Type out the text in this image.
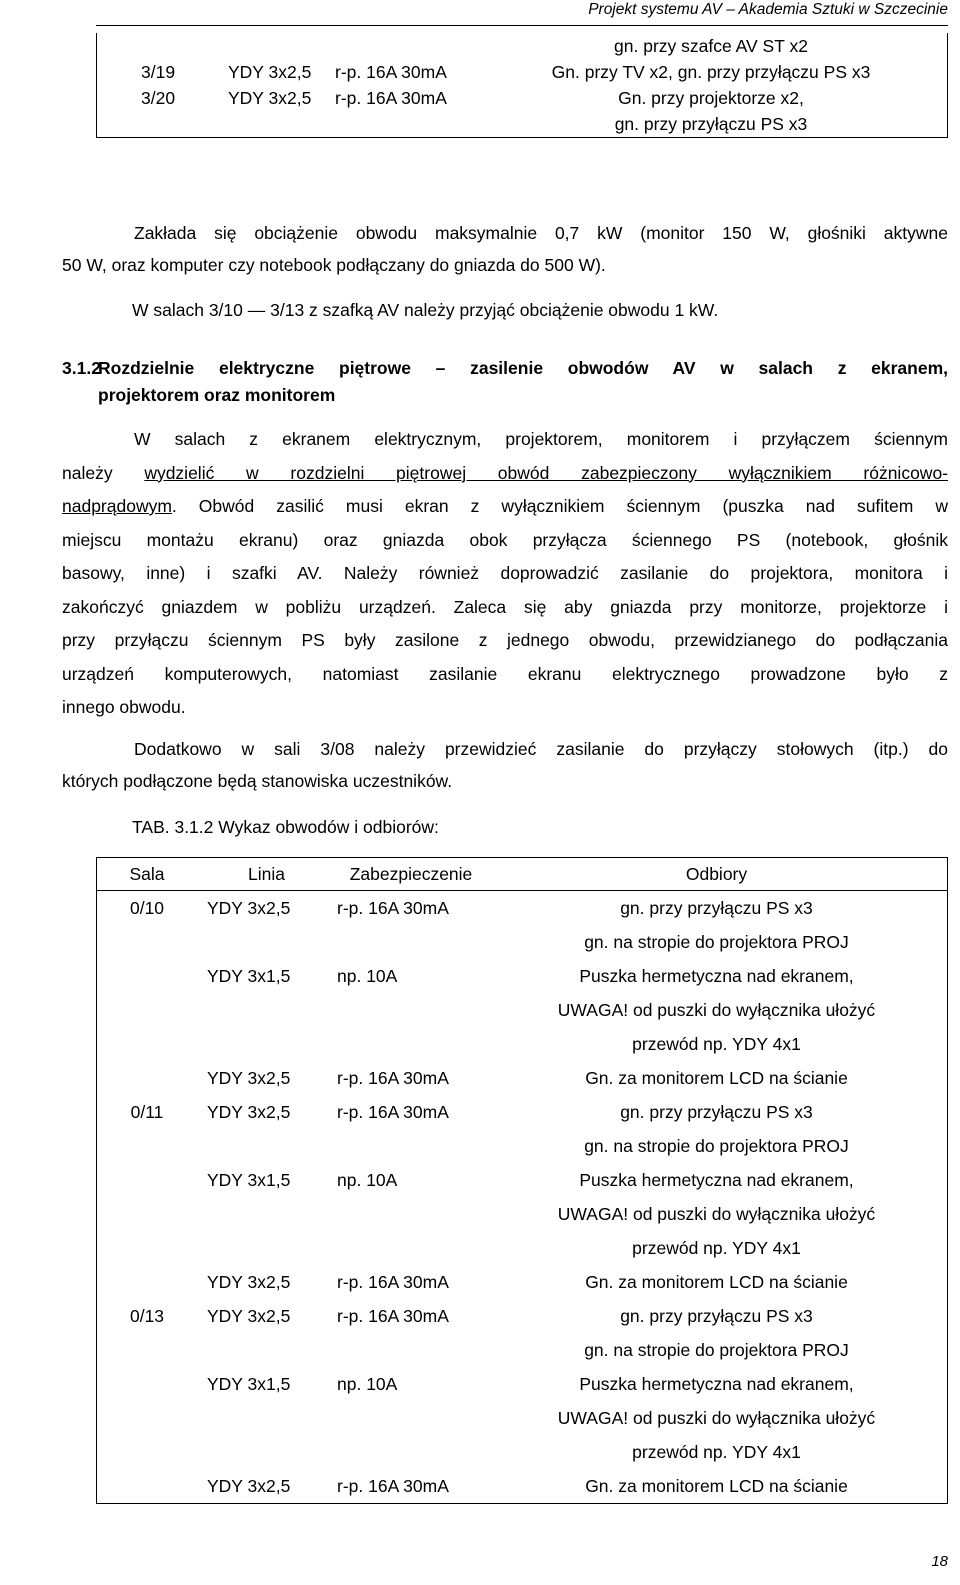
Projekt systemu AV – Akademia Sztuki w Szczecinie
			gn. przy szafce AV ST x2
3/19	YDY 3x2,5	r-p. 16A 30mA	Gn. przy TV x2, gn. przy przyłączu PS x3
3/20	YDY 3x2,5	r-p. 16A 30mA	Gn. przy projektorze x2,
			gn. przy przyłączu PS x3
Zakłada się obciążenie obwodu maksymalnie 0,7 kW (monitor 150 W, głośniki aktywne
50 W, oraz komputer czy notebook podłączany do gniazda do 500 W).
W salach 3/10 — 3/13 z szafką AV należy przyjąć obciążenie obwodu 1 kW.
3.1.2
Rozdzielnie elektryczne piętrowe – zasilenie obwodów AV w salach z ekranem,
projektorem oraz monitorem
W salach z ekranem elektrycznym, projektorem, monitorem i przyłączem ściennym
należy wydzielić w rozdzielni piętrowej obwód zabezpieczony wyłącznikiem różnicowo-
nadprądowym. Obwód zasilić musi ekran z wyłącznikiem ściennym (puszka nad sufitem w
miejscu montażu ekranu) oraz gniazda obok przyłącza ściennego PS (notebook, głośnik
basowy, inne) i szafki AV. Należy również doprowadzić zasilanie do projektora, monitora i
zakończyć gniazdem w pobliżu urządzeń. Zaleca się aby gniazda przy monitorze, projektorze i
przy przyłączu ściennym PS były zasilone z jednego obwodu, przewidzianego do podłączania
urządzeń komputerowych, natomiast zasilanie ekranu elektrycznego prowadzone było z
innego obwodu.
Dodatkowo w sali 3/08 należy przewidzieć zasilanie do przyłączy stołowych (itp.) do
których podłączone będą stanowiska uczestników.
TAB. 3.1.2 Wykaz obwodów i odbiorów:
Sala	Linia	Zabezpieczenie	Odbiory
0/10	YDY 3x2,5	r-p. 16A 30mA	gn. przy przyłączu PS x3
gn. na stropie do projektora PROJ

	YDY 3x1,5	np. 10A	Puszka hermetyczna nad ekranem,
UWAGA! od puszki do wyłącznika ułożyć
przewód np. YDY 4x1

	YDY 3x2,5	r-p. 16A 30mA	Gn. za monitorem LCD na ścianie

0/11	YDY 3x2,5	r-p. 16A 30mA	gn. przy przyłączu PS x3
gn. na stropie do projektora PROJ

	YDY 3x1,5	np. 10A	Puszka hermetyczna nad ekranem,
UWAGA! od puszki do wyłącznika ułożyć
przewód np. YDY 4x1

	YDY 3x2,5	r-p. 16A 30mA	Gn. za monitorem LCD na ścianie

0/13	YDY 3x2,5	r-p. 16A 30mA	gn. przy przyłączu PS x3
gn. na stropie do projektora PROJ

	YDY 3x1,5	np. 10A	Puszka hermetyczna nad ekranem,
UWAGA! od puszki do wyłącznika ułożyć
przewód np. YDY 4x1

	YDY 3x2,5	r-p. 16A 30mA	Gn. za monitorem LCD na ścianie
18
